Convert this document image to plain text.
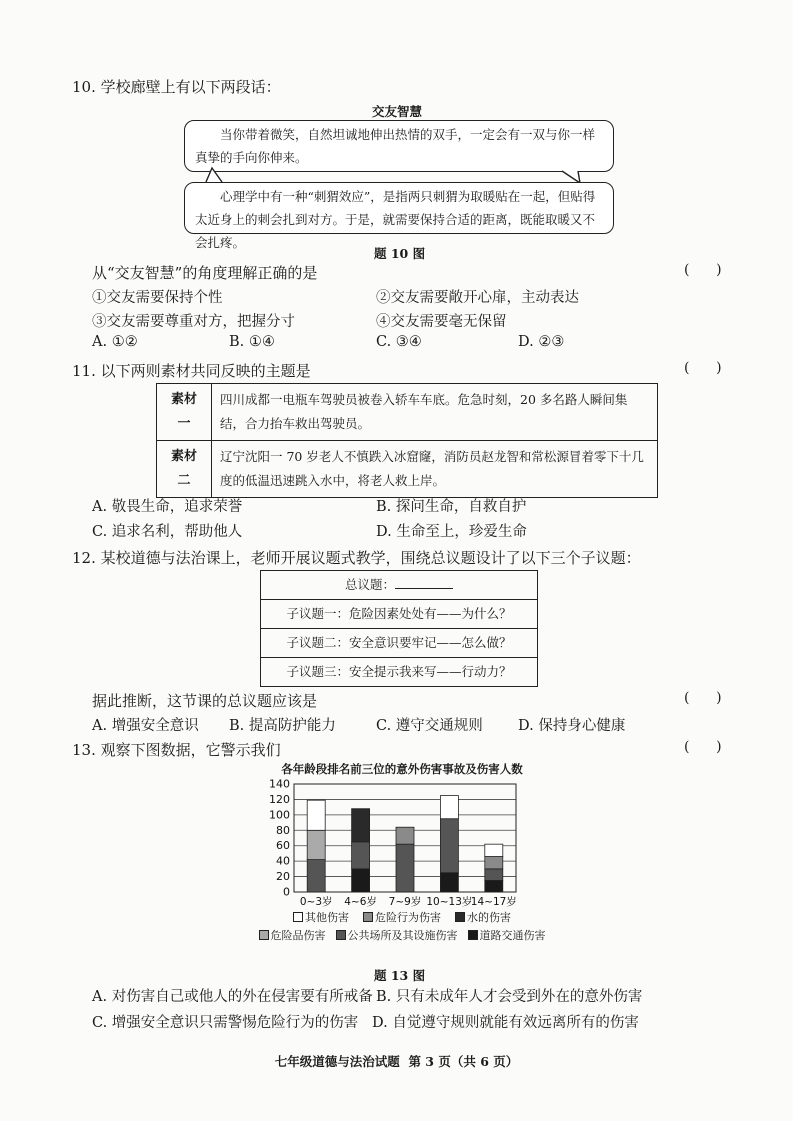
10. 学校廊壁上有以下两段话：
交友智慧

当你带着微笑，自然坦诚地伸出热情的双手，一定会有一双与你一样真挚的手向你伸来。

心理学中有一种“刺猬效应”，是指两只刺猬为取暖贴在一起，但贴得太近身上的刺会扎到对方。于是，就需要保持合适的距离，既能取暖又不会扎疼。

题 10 图
从“交友智慧”的角度理解正确的是	(      )
①交友需要保持个性	②交友需要敞开心扉，主动表达
③交友需要尊重对方，把握分寸	④交友需要毫无保留
A. ①②	B. ①④	C. ③④	D. ②③
11. 以下两则素材共同反映的主题是	(      )
素材一	四川成都一电瓶车驾驶员被卷入轿车车底。危急时刻，20 多名路人瞬间集结，合力抬车救出驾驶员。
素材二	辽宁沈阳一 70 岁老人不慎跌入冰窟窿，消防员赵龙智和常松源冒着零下十几度的低温迅速跳入水中，将老人救上岸。
A. 敬畏生命，追求荣誉	B. 探问生命，自救自护
C. 追求名利，帮助他人	D. 生命至上，珍爱生命
12. 某校道德与法治课上，老师开展议题式教学，围绕总议题设计了以下三个子议题：
总议题：
子议题一：危险因素处处有——为什么？
子议题二：安全意识要牢记——怎么做？
子议题三：安全提示我来写——行动力？
据此推断，这节课的总议题应该是	(      )
A. 增强安全意识 B. 提高防护能力	C. 遵守交通规则 D. 保持身心健康
13. 观察下图数据，它警示我们	(      )
各年龄段排名前三位的意外伤害事故及伤害人数
0
20
40
60
80
100
120
140
0~3岁 4~6岁 7~9岁 10~13岁
14~17岁
其他伤害	危险行为伤害	水的伤害
危险品伤害	公共场所及其设施伤害	道路交通伤害
题 13 图
A. 对伤害自己或他人的外在侵害要有所戒备 B. 只有未成年人才会受到外在的意外伤害
C. 增强安全意识只需警惕危险行为的伤害 D. 自觉遵守规则就能有效远离所有的伤害
七年级道德与法治试题  第 3 页（共 6 页）
